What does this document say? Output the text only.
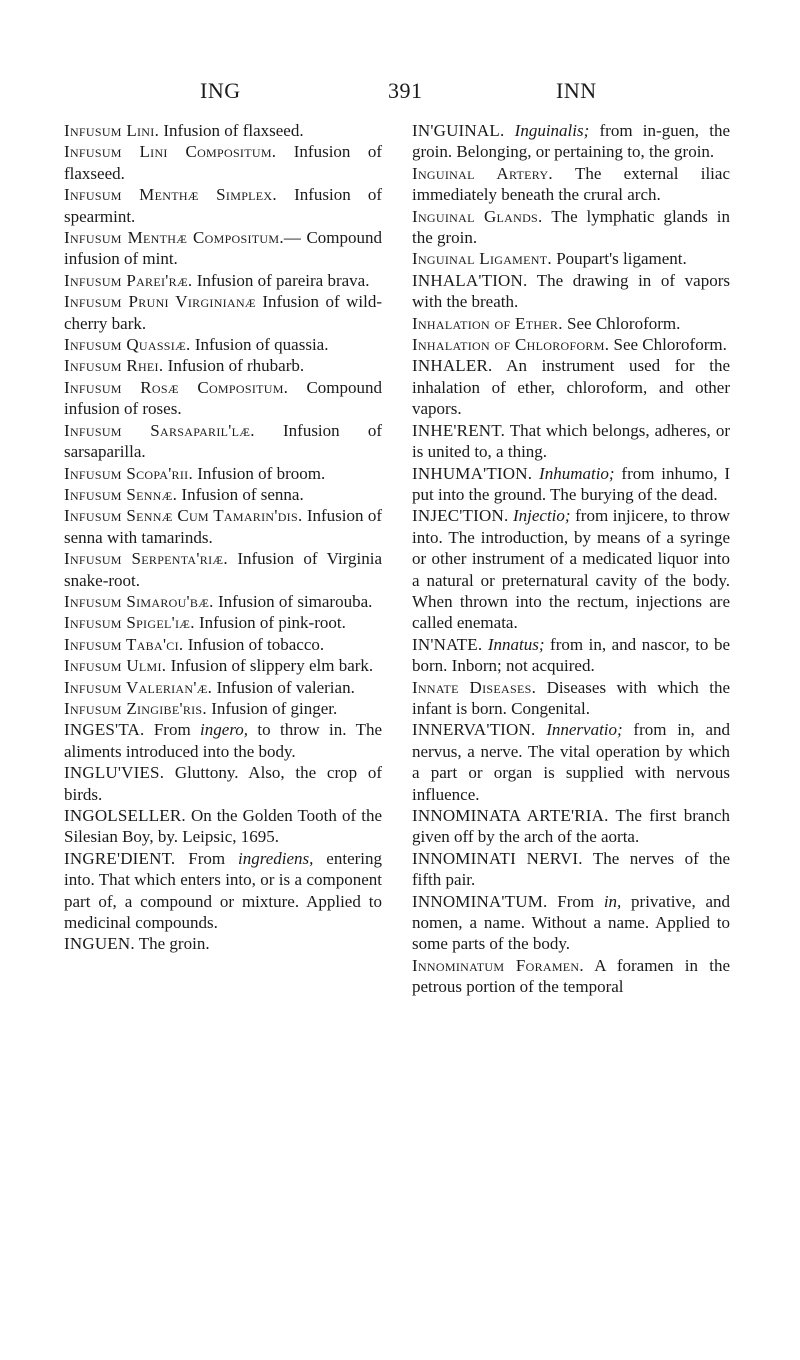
ING	391	INN

Infusum Lini. Infusion of flaxseed.

Infusum Lini Compositum. Infusion of flaxseed.

Infusum Menthæ Simplex. Infusion of spearmint.

Infusum Menthæ Compositum.— Compound infusion of mint.

Infusum Parei'ræ. Infusion of pareira brava.

Infusum Pruni Virginianæ Infusion of wild-cherry bark.

Infusum Quassiæ. Infusion of quassia.

Infusum Rhei. Infusion of rhubarb.

Infusum Rosæ Compositum. Compound infusion of roses.

Infusum Sarsaparil'læ. Infusion of sarsaparilla.

Infusum Scopa'rii. Infusion of broom.

Infusum Sennæ. Infusion of senna.

Infusum Sennæ Cum Tamarin'dis. Infusion of senna with tamarinds.

Infusum Serpenta'riæ. Infusion of Virginia snake-root.

Infusum Simarou'bæ. Infusion of simarouba.

Infusum Spigel'iæ. Infusion of pink-root.

Infusum Taba'ci. Infusion of tobacco.

Infusum Ulmi. Infusion of slippery elm bark.

Infusum Valerian'æ. Infusion of valerian.

Infusum Zingibe'ris. Infusion of ginger.

INGES'TA. From ingero, to throw in. The aliments introduced into the body.

INGLU'VIES. Gluttony. Also, the crop of birds.

INGOLSELLER. On the Golden Tooth of the Silesian Boy, by. Leipsic, 1695.

INGRE'DIENT. From ingrediens, entering into. That which enters into, or is a component part of, a compound or mixture. Applied to medicinal compounds.

INGUEN. The groin.

IN'GUINAL. Inguinalis; from in-guen, the groin. Belonging, or pertaining to, the groin.

Inguinal Artery. The external iliac immediately beneath the crural arch.

Inguinal Glands. The lymphatic glands in the groin.

Inguinal Ligament. Poupart's ligament.

INHALA'TION. The drawing in of vapors with the breath.

Inhalation of Ether. See Chloroform.

Inhalation of Chloroform. See Chloroform.

INHALER. An instrument used for the inhalation of ether, chloroform, and other vapors.

INHE'RENT. That which belongs, adheres, or is united to, a thing.

INHUMA'TION. Inhumatio; from inhumo, I put into the ground. The burying of the dead.

INJEC'TION. Injectio; from injicere, to throw into. The introduction, by means of a syringe or other instrument of a medicated liquor into a natural or preternatural cavity of the body. When thrown into the rectum, injections are called enemata.

IN'NATE. Innatus; from in, and nascor, to be born. Inborn; not acquired.

Innate Diseases. Diseases with which the infant is born. Congenital.

INNERVA'TION. Innervatio; from in, and nervus, a nerve. The vital operation by which a part or organ is supplied with nervous influence.

INNOMINATA ARTE'RIA. The first branch given off by the arch of the aorta.

INNOMINATI NERVI. The nerves of the fifth pair.

INNOMINA'TUM. From in, privative, and nomen, a name. Without a name. Applied to some parts of the body.

Innominatum Foramen. A foramen in the petrous portion of the temporal
